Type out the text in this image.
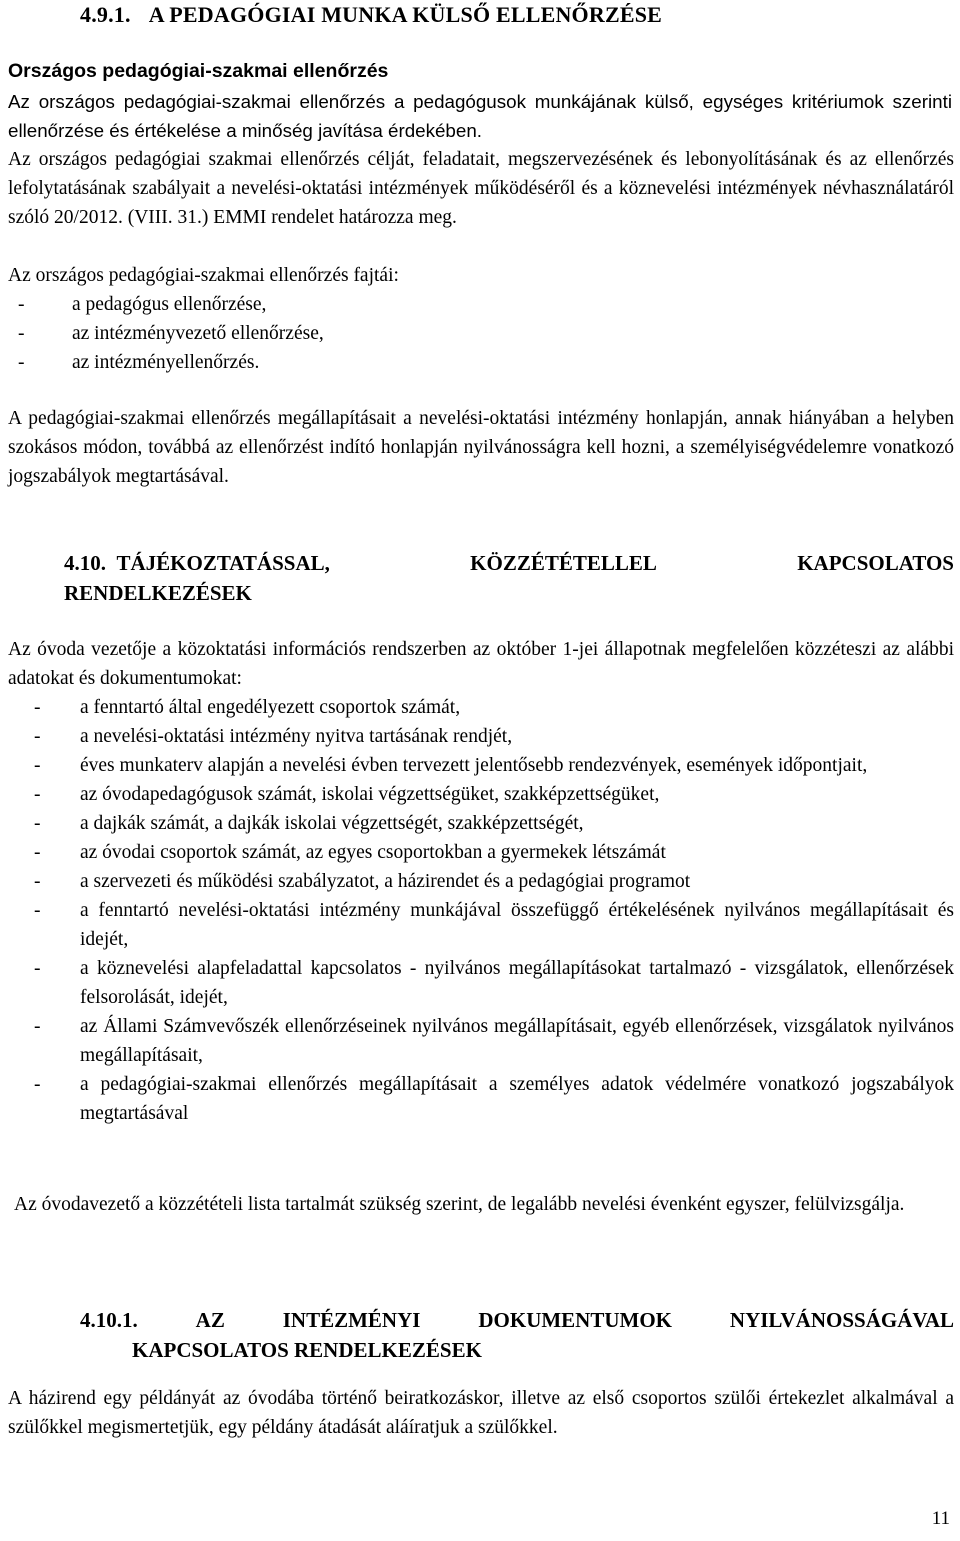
4.9.1. A PEDAGÓGIAI MUNKA KÜLSŐ ELLENŐRZÉSE
Országos pedagógiai-szakmai ellenőrzés
Az országos pedagógiai-szakmai ellenőrzés a pedagógusok munkájának külső, egységes kritériumok szerinti ellenőrzése és értékelése a minőség javítása érdekében.
Az országos pedagógiai szakmai ellenőrzés célját, feladatait, megszervezésének és lebonyolításának és az ellenőrzés lefolytatásának szabályait a nevelési-oktatási intézmények működéséről és a köznevelési intézmények névhasználatáról szóló 20/2012. (VIII. 31.) EMMI rendelet határozza meg.
Az országos pedagógiai-szakmai ellenőrzés fajtái:
- a pedagógus ellenőrzése,
- az intézményvezető ellenőrzése,
- az intézményellenőrzés.
A pedagógiai-szakmai ellenőrzés megállapításait a nevelési-oktatási intézmény honlapján, annak hiányában a helyben szokásos módon, továbbá az ellenőrzést indító honlapján nyilvánosságra kell hozni, a személyiségvédelemre vonatkozó jogszabályok megtartásával.
4.10. TÁJÉKOZTATÁSSAL,	KÖZZÉTÉTELLEL	KAPCSOLATOS
RENDELKEZÉSEK
Az óvoda vezetője a közoktatási információs rendszerben az október 1-jei állapotnak megfelelően közzéteszi az alábbi adatokat és dokumentumokat:
- a fenntartó által engedélyezett csoportok számát,
- a nevelési-oktatási intézmény nyitva tartásának rendjét,
- éves munkaterv alapján a nevelési évben tervezett jelentősebb rendezvények, események időpontjait,
- az óvodapedagógusok számát, iskolai végzettségüket, szakképzettségüket,
- a dajkák számát, a dajkák iskolai végzettségét, szakképzettségét,
- az óvodai csoportok számát, az egyes csoportokban a gyermekek létszámát
- a szervezeti és működési szabályzatot, a házirendet és a pedagógiai programot
- a fenntartó nevelési-oktatási intézmény munkájával összefüggő értékelésének nyilvános megállapításait és idejét,
- a köznevelési alapfeladattal kapcsolatos - nyilvános megállapításokat tartalmazó - vizsgálatok, ellenőrzések felsorolását, idejét,
- az Állami Számvevőszék ellenőrzéseinek nyilvános megállapításait, egyéb ellenőrzések, vizsgálatok nyilvános megállapításait,
- a pedagógiai-szakmai ellenőrzés megállapításait a személyes adatok védelmére vonatkozó jogszabályok megtartásával
Az óvodavezető a közzétételi lista tartalmát szükség szerint, de legalább nevelési évenként egyszer, felülvizsgálja.
4.10.1.	AZ	INTÉZMÉNYI	DOKUMENTUMOK	NYILVÁNOSSÁGÁVAL
KAPCSOLATOS RENDELKEZÉSEK
A házirend egy példányát az óvodába történő beiratkozáskor, illetve az első csoportos szülői értekezlet alkalmával a szülőkkel megismertetjük, egy példány átadását aláíratjuk a szülőkkel.
11
